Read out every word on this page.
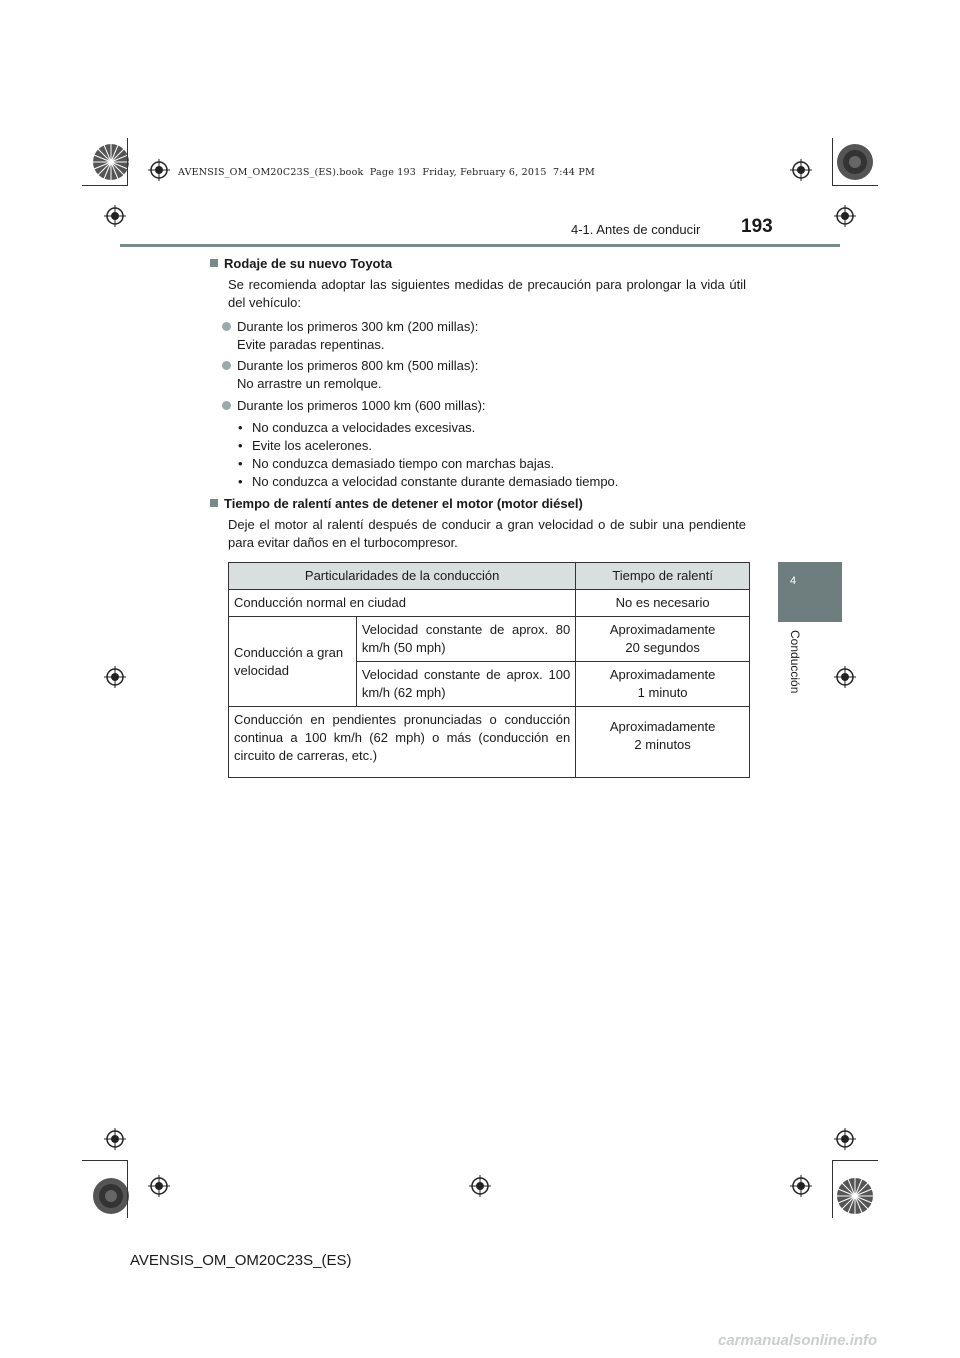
AVENSIS_OM_OM20C23S_(ES).book  Page 193  Friday, February 6, 2015  7:44 PM
4-1. Antes de conducir 193
4
Conducción
Rodaje de su nuevo Toyota
Se recomienda adoptar las siguientes medidas de precaución para prolongar la vida útil del vehículo:
Durante los primeros 300 km (200 millas):
Evite paradas repentinas.
Durante los primeros 800 km (500 millas):
No arrastre un remolque.
Durante los primeros 1000 km (600 millas):
• No conduzca a velocidades excesivas.
• Evite los acelerones.
• No conduzca demasiado tiempo con marchas bajas.
• No conduzca a velocidad constante durante demasiado tiempo.
Tiempo de ralentí antes de detener el motor (motor diésel)
Deje el motor al ralentí después de conducir a gran velocidad o de subir una pendiente para evitar daños en el turbocompresor.
Particularidades de la conducción		Tiempo de ralentí
Conducción normal en ciudad		No es necesario
Conducción a gran velocidad	Velocidad constante de aprox. 80 km/h (50 mph)	Aproximadamente
20 segundos
	Velocidad constante de aprox. 100 km/h (62 mph)	Aproximadamente
1 minuto
Conducción en pendientes pronunciadas o conducción continua a 100 km/h (62 mph) o más (conducción en circuito de carreras, etc.)		Aproximadamente
2 minutos
AVENSIS_OM_OM20C23S_(ES)
carmanualsonline.info
